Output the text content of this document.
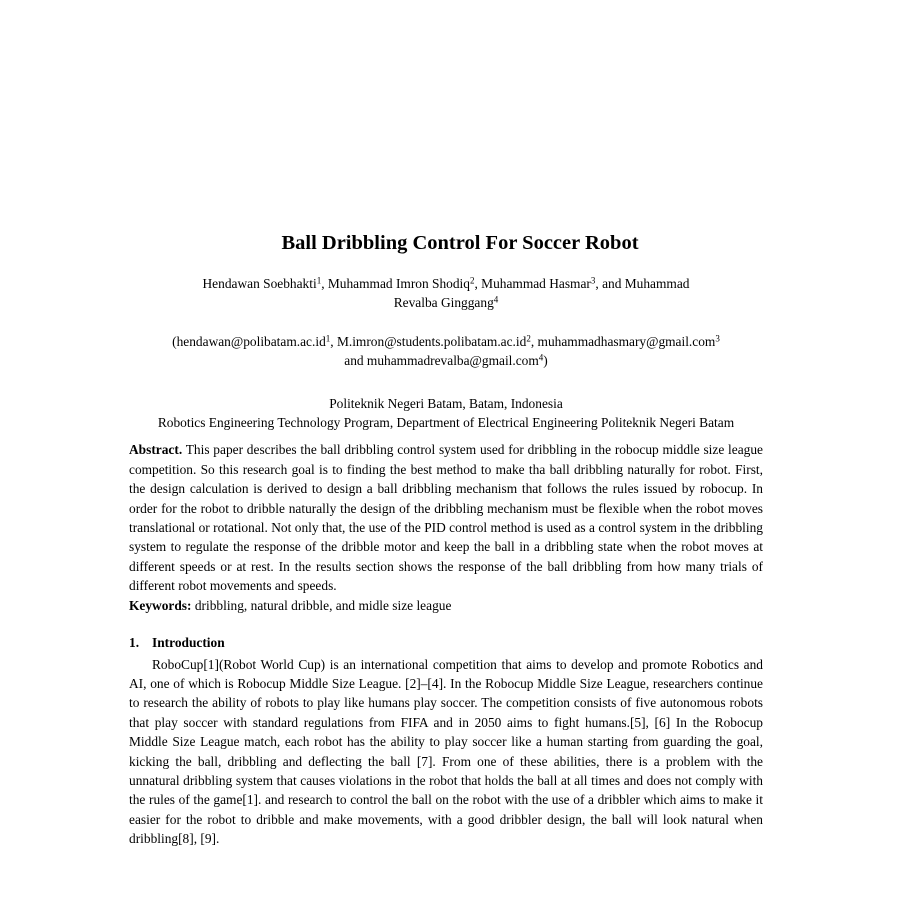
Ball Dribbling Control For Soccer Robot
Hendawan Soebhakti$^1$, Muhammad Imron Shodiq$^2$, Muhammad Hasmar$^3$, and Muhammad
Revalba Ginggang$^4$
(hendawan@polibatam.ac.id$^1$, M.imron@students.polibatam.ac.id$^2$, muhammadhasmary@gmail.com$^3$
and muhammadrevalba@gmail.com$^4$)
Politeknik Negeri Batam, Batam, Indonesia
Robotics Engineering Technology Program, Department of Electrical Engineering Politeknik Negeri Batam

Abstract. This paper describes the ball dribbling control system used for dribbling in the robocup middle size league competition. So this research goal is to finding the best method to make tha ball dribbling naturally for robot. First, the design calculation is derived to design a ball dribbling mechanism that follows the rules issued by robocup. In order for the robot to dribble naturally the design of the dribbling mechanism must be flexible when the robot moves translational or rotational. Not only that, the use of the PID control method is used as a control system in the dribbling system to regulate the response of the dribble motor and keep the ball in a dribbling state when the robot moves at different speeds or at rest. In the results section shows the response of the ball dribbling from how many trials of different robot movements and speeds.

Keywords: dribbling, natural dribble, and midle size league

1. Introduction

RoboCup[1](Robot World Cup) is an international competition that aims to develop and promote Robotics and AI, one of which is Robocup Middle Size League. [2]–[4]. In the Robocup Middle Size League, researchers continue to research the ability of robots to play like humans play soccer. The competition consists of five autonomous robots that play soccer with standard regulations from FIFA and in 2050 aims to fight humans.[5], [6] In the Robocup Middle Size League match, each robot has the ability to play soccer like a human starting from guarding the goal, kicking the ball, dribbling and deflecting the ball [7]. From one of these abilities, there is a problem with the unnatural dribbling system that causes violations in the robot that holds the ball at all times and does not comply with the rules of the game[1]. and research to control the ball on the robot with the use of a dribbler which aims to make it easier for the robot to dribble and make movements, with a good dribbler design, the ball will look natural when dribbling[8], [9].
